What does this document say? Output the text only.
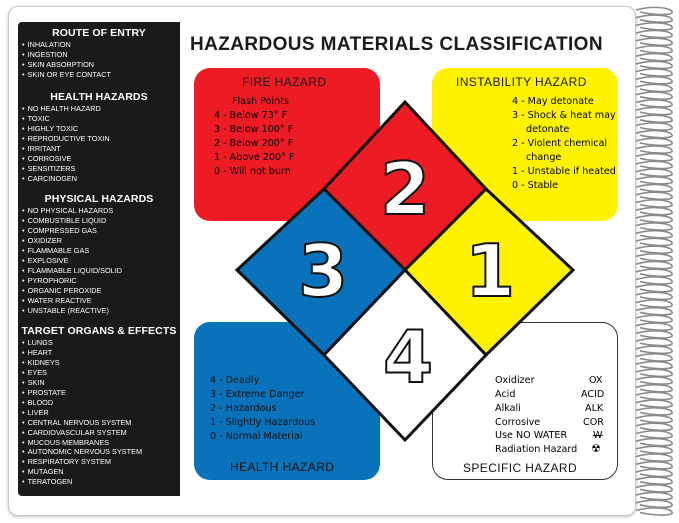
ROUTE OF ENTRY
• INHALATION
• INGESTION
• SKIN ABSORPTION
• SKIN OR EYE CONTACT
HEALTH HAZARDS
• NO HEALTH HAZARD
• TOXIC
• HIGHLY TOXIC
• REPRODUCTIVE TOXIN
• IRRITANT
• CORROSIVE
• SENSITIZERS
• CARCINOGEN
PHYSICAL HAZARDS
• NO PHYSICAL HAZARDS
• COMBUSTIBLE LIQUID
• COMPRESSED GAS
• OXIDIZER
• FLAMMABLE GAS
• EXPLOSIVE
• FLAMMABLE LIQUID/SOLID
• PYROPHORIC
• ORGANIC PEROXIDE
• WATER REACTIVE
• UNSTABLE (REACTIVE)
TARGET ORGANS & EFFECTS
• LUNGS
• HEART
• KIDNEYS
• EYES
• SKIN
• PROSTATE
• BLOOD
• LIVER
• CENTRAL NERVOUS SYSTEM
• CARDIOVASCULAR SYSTEM
• MUCOUS MEMBRANES
• AUTONOMIC NERVOUS SYSTEM
• RESPIRATORY SYSTEM
• MUTAGEN
• TERATOGEN
HAZARDOUS MATERIALS CLASSIFICATION
FIRE HAZARD
Flash Points
4 - Below 73° F
3 - Below 100° F
2 - Below 200° F
1 - Above 200° F
0 - Will not burn
INSTABILITY HAZARD
4 - May detonate
3 - Shock & heat may
detonate
2 - Violent chemical
change
1 - Unstable if heated
0 - Stable
4 - Deadly
3 - Extreme Danger
2 - Hazardous
1 - Slightly Hazardous
0 - Normal Material
HEALTH HAZARD
Oxidizer	OX
Acid	ACID
Alkali	ALK
Corrosive	COR
Use NO WATER	W
Radiation Hazard ☢
SPECIFIC HAZARD
2
3 1
4
